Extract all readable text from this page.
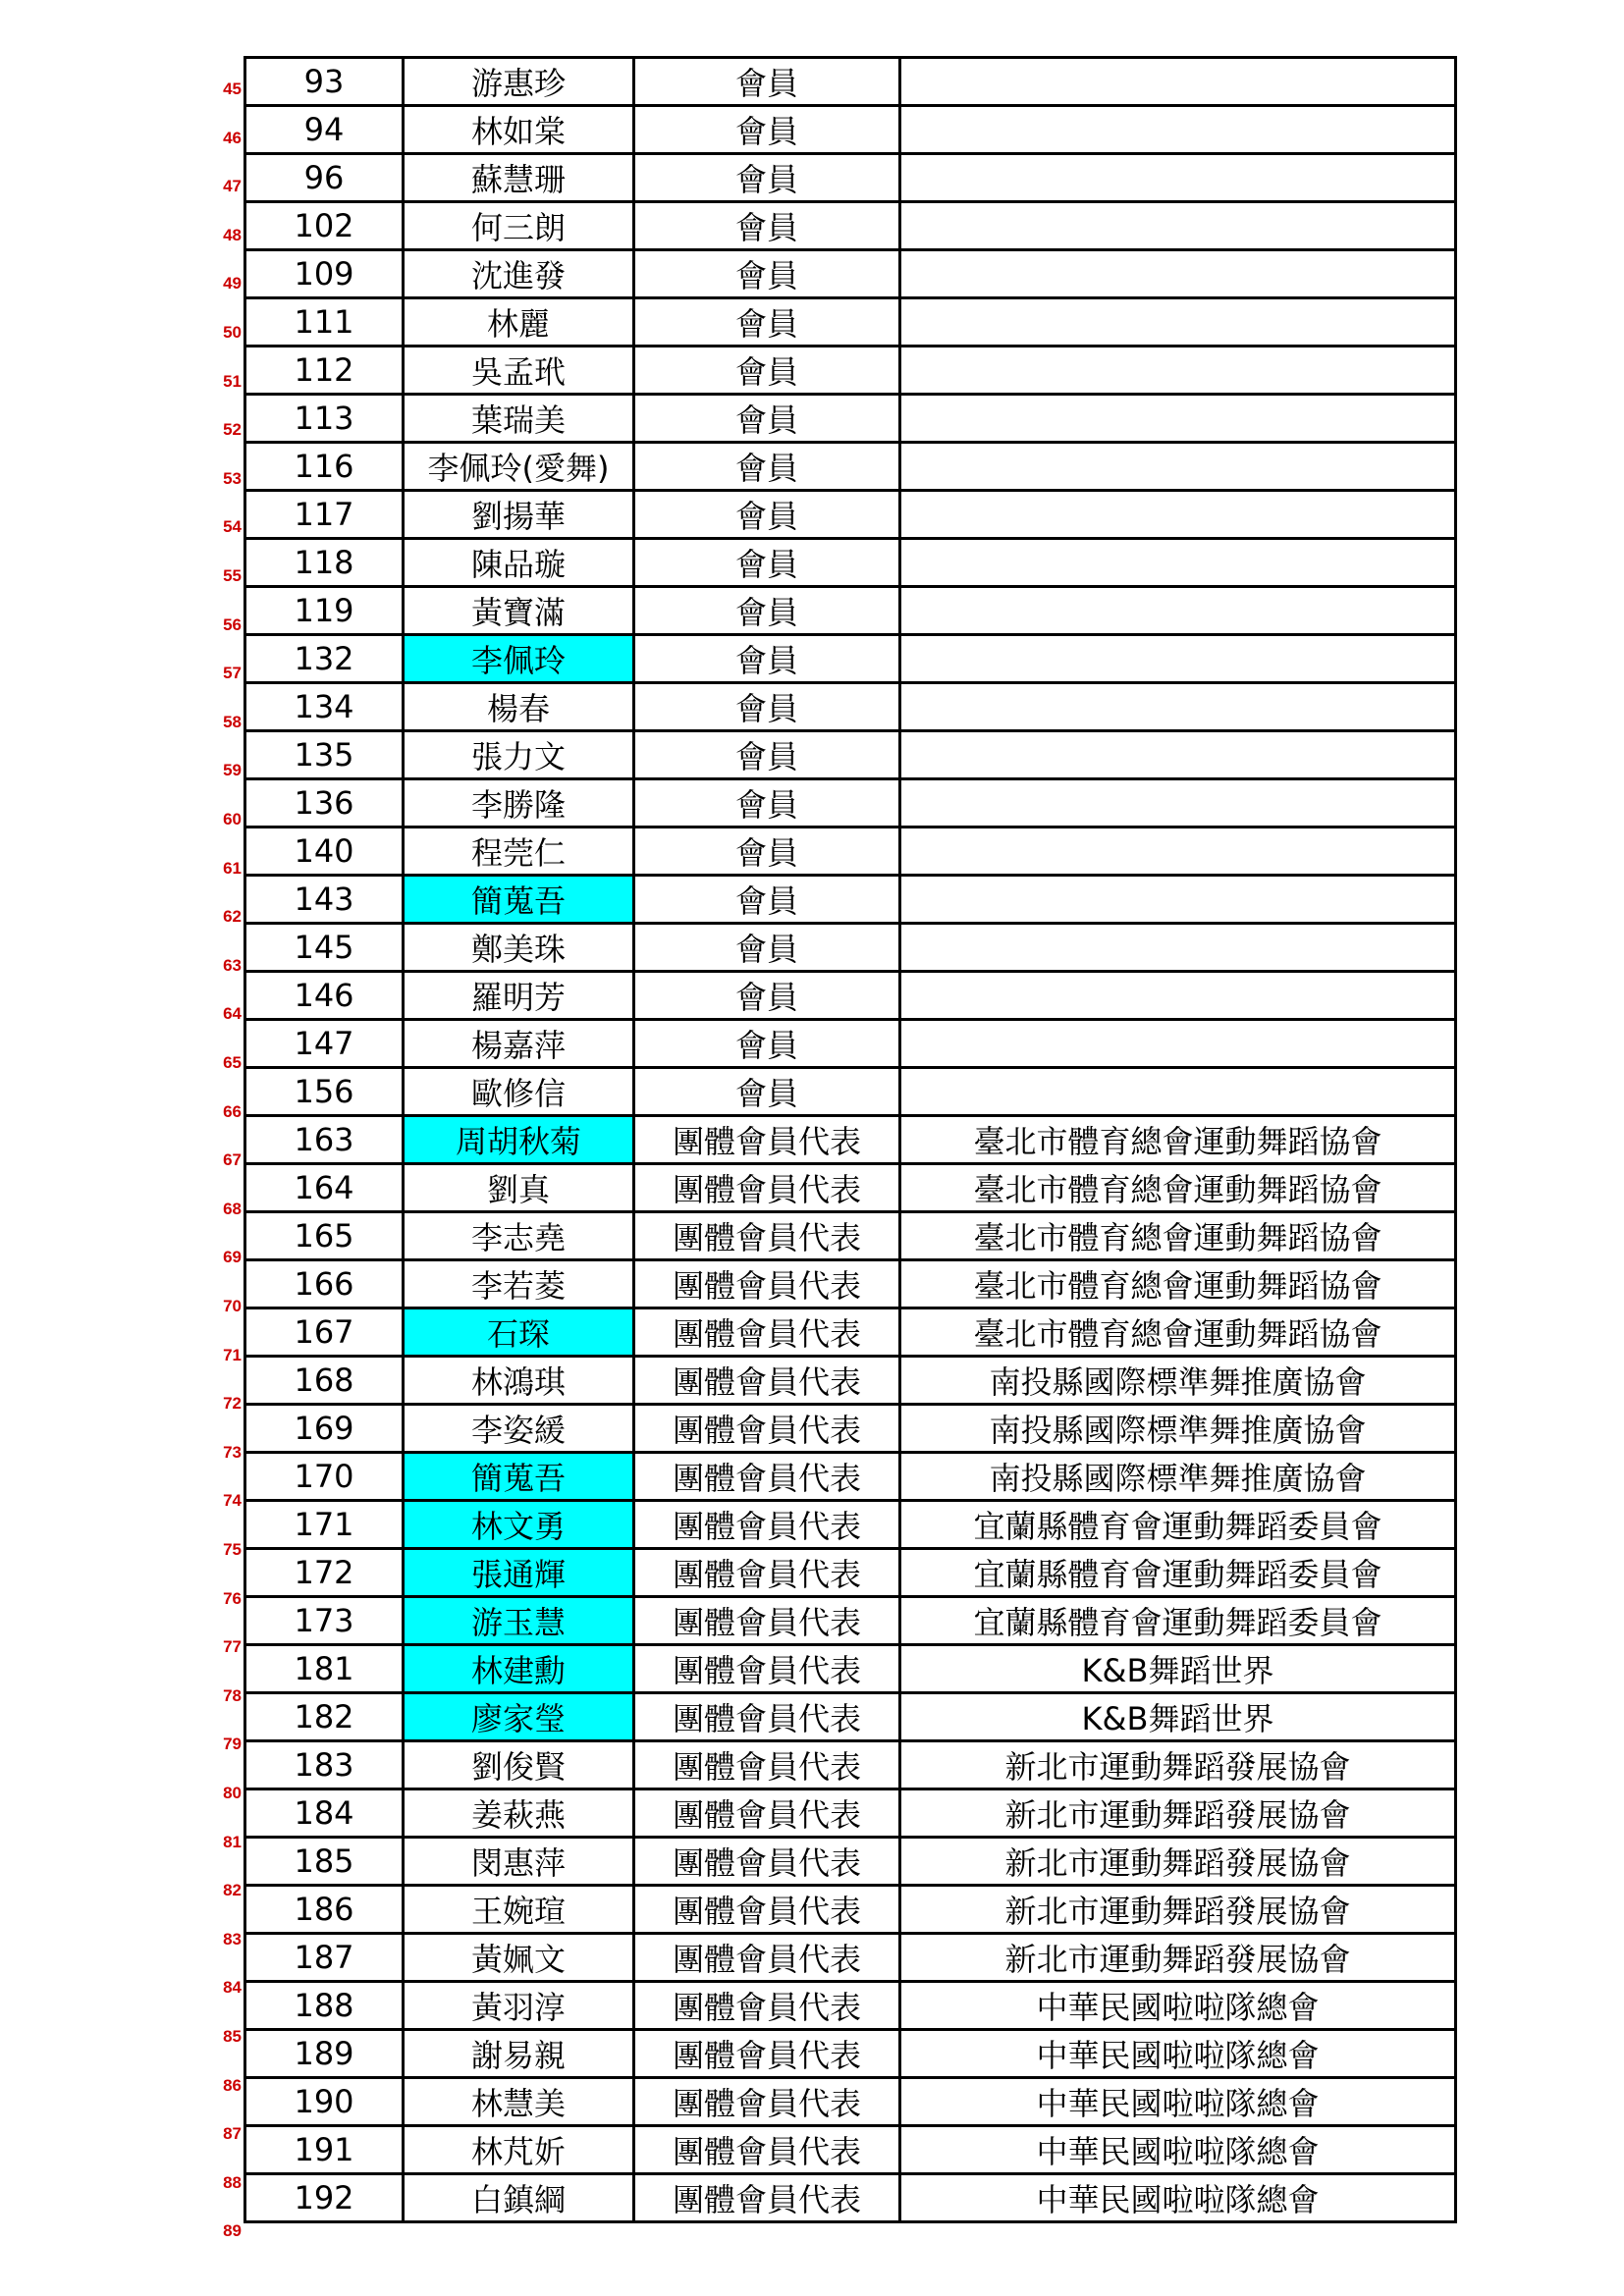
45
46
47
48
49
50
51
52
53
54
55
56
57
58
59
60
61
62
63
64
65
66
67
68
69
70
71
72
73
74
75
76
77
78
79
80
81
82
83
84
85
86
87
88
89
93	游惠珍	會員	
94	林如棠	會員	
96	蘇慧珊	會員	
102	何三朗	會員	
109	沈進發	會員	
111	林麗	會員	
112	吳孟玳	會員	
113	葉瑞美	會員	
116	李佩玲(愛舞)	會員	
117	劉揚華	會員	
118	陳品璇	會員	
119	黃寶滿	會員	
132	李佩玲	會員	
134	楊春	會員	
135	張力文	會員	
136	李勝隆	會員	
140	程莞仁	會員	
143	簡蒐吾	會員	
145	鄭美珠	會員	
146	羅明芳	會員	
147	楊嘉萍	會員	
156	歐修信	會員	
163	周胡秋菊	團體會員代表	臺北市體育總會運動舞蹈協會
164	劉真	團體會員代表	臺北市體育總會運動舞蹈協會
165	李志堯	團體會員代表	臺北市體育總會運動舞蹈協會
166	李若菱	團體會員代表	臺北市體育總會運動舞蹈協會
167	石琛	團體會員代表	臺北市體育總會運動舞蹈協會
168	林鴻琪	團體會員代表	南投縣國際標準舞推廣協會
169	李姿緩	團體會員代表	南投縣國際標準舞推廣協會
170	簡蒐吾	團體會員代表	南投縣國際標準舞推廣協會
171	林文勇	團體會員代表	宜蘭縣體育會運動舞蹈委員會
172	張通輝	團體會員代表	宜蘭縣體育會運動舞蹈委員會
173	游玉慧	團體會員代表	宜蘭縣體育會運動舞蹈委員會
181	林建勳	團體會員代表	K&B舞蹈世界
182	廖家瑩	團體會員代表	K&B舞蹈世界
183	劉俊賢	團體會員代表	新北市運動舞蹈發展協會
184	姜萩燕	團體會員代表	新北市運動舞蹈發展協會
185	閔惠萍	團體會員代表	新北市運動舞蹈發展協會
186	王婉瑄	團體會員代表	新北市運動舞蹈發展協會
187	黃姵文	團體會員代表	新北市運動舞蹈發展協會
188	黃羽淳	團體會員代表	中華民國啦啦隊總會
189	謝易親	團體會員代表	中華民國啦啦隊總會
190	林慧美	團體會員代表	中華民國啦啦隊總會
191	林芃妡	團體會員代表	中華民國啦啦隊總會
192	白鎮綱	團體會員代表	中華民國啦啦隊總會
